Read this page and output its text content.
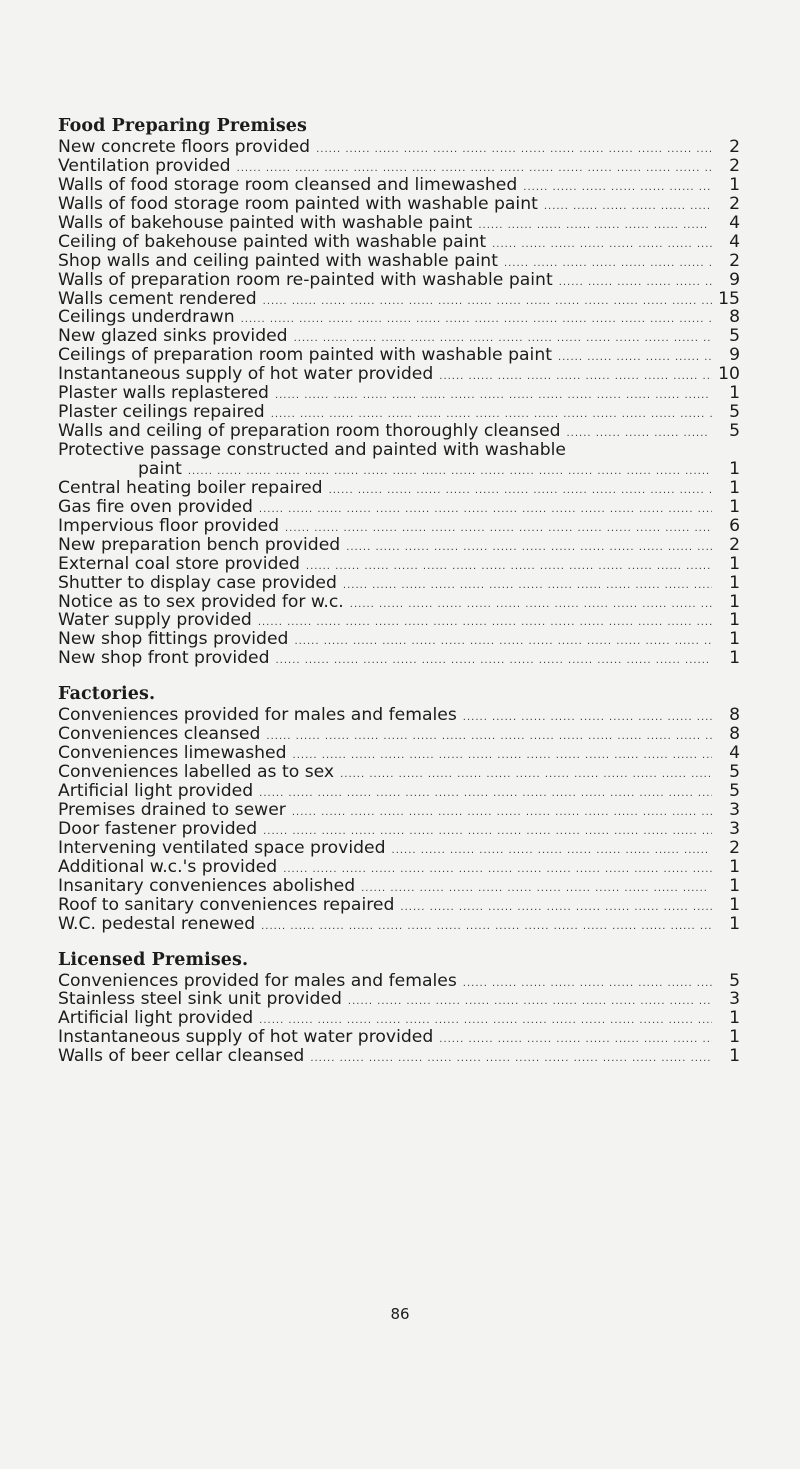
Food Preparing Premises
New concrete floors provided .....	2
Ventilation provided .....	2
Walls of food storage room cleansed and limewashed .....	1
Walls of food storage room painted with washable paint .....	2
Walls of bakehouse painted with washable paint .....	4
Ceiling of bakehouse painted with washable paint .....	4
Shop walls and ceiling painted with washable paint .....	2
Walls of preparation room re-painted with washable paint .....	9
Walls cement rendered .....	15
Ceilings underdrawn .....	8
New glazed sinks provided .....	5
Ceilings of preparation room painted with washable paint .....	9
Instantaneous supply of hot water provided .....	10
Plaster walls replastered .....	1
Plaster ceilings repaired .....	5
Walls and ceiling of preparation room thoroughly cleansed .....	5
Protective passage constructed and painted with washable
paint .....	1
Central heating boiler repaired .....	1
Gas fire oven provided .....	1
Impervious floor provided .....	6
New preparation bench provided .....	2
External coal store provided .....	1
Shutter to display case provided .....	1
Notice as to sex provided for w.c. .....	1
Water supply provided .....	1
New shop fittings provided .....	1
New shop front provided .....	1
Factories.
Conveniences provided for males and females .....	8
Conveniences cleansed .....	8
Conveniences limewashed .....	4
Conveniences labelled as to sex .....	5
Artificial light provided .....	5
Premises drained to sewer .....	3
Door fastener provided .....	3
Intervening ventilated space provided .....	2
Additional w.c.'s provided .....	1
Insanitary conveniences abolished .....	1
Roof to sanitary conveniences repaired .....	1
W.C. pedestal renewed .....	1
Licensed Premises.
Conveniences provided for males and females .....	5
Stainless steel sink unit provided .....	3
Artificial light provided .....	1
Instantaneous supply of hot water provided .....	1
Walls of beer cellar cleansed .....	1
86
